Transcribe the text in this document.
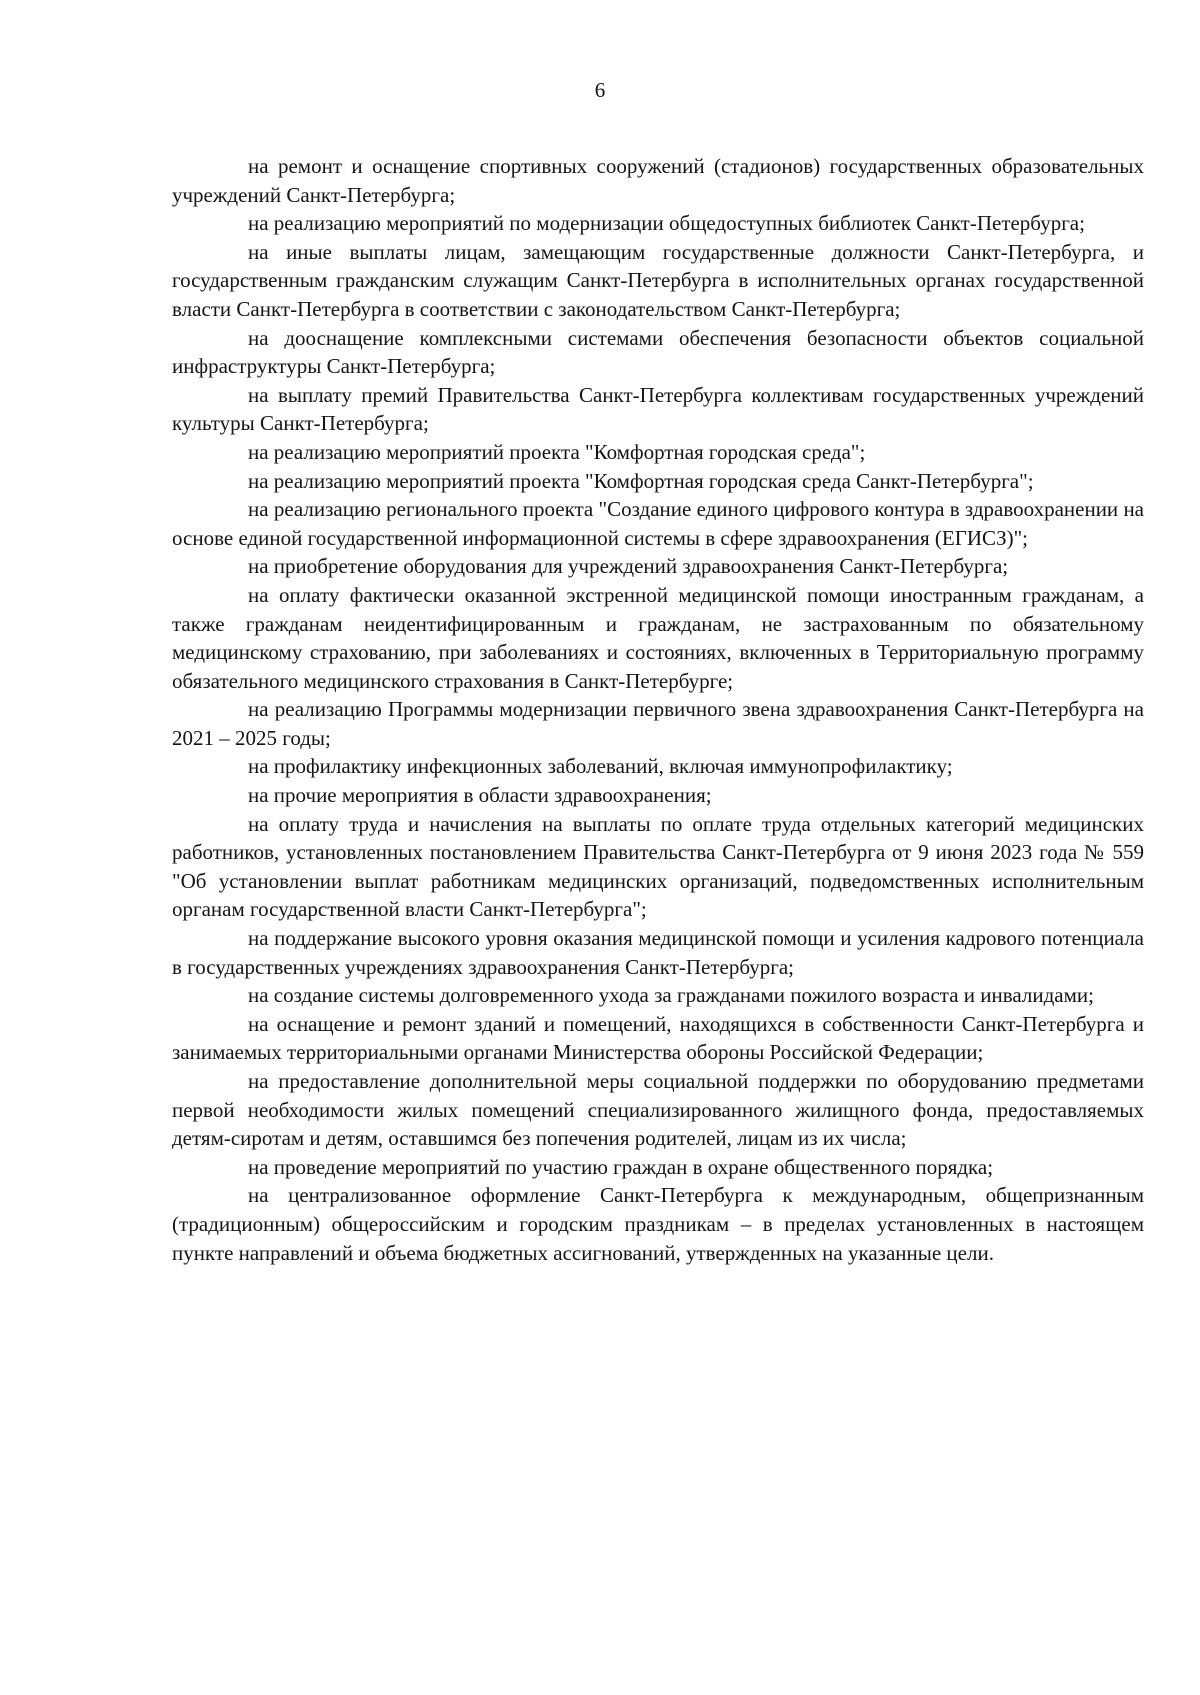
6

на ремонт и оснащение спортивных сооружений (стадионов) государственных образовательных учреждений Санкт-Петербурга;

на реализацию мероприятий по модернизации общедоступных библиотек Санкт-Петербурга;

на иные выплаты лицам, замещающим государственные должности Санкт-Петербурга, и государственным гражданским служащим Санкт-Петербурга в исполнительных органах государственной власти Санкт-Петербурга в соответствии с законодательством Санкт-Петербурга;

на дооснащение комплексными системами обеспечения безопасности объектов социальной инфраструктуры Санкт-Петербурга;

на выплату премий Правительства Санкт-Петербурга коллективам государственных учреждений культуры Санкт-Петербурга;

на реализацию мероприятий проекта "Комфортная городская среда";

на реализацию мероприятий проекта "Комфортная городская среда Санкт-Петербурга";

на реализацию регионального проекта "Создание единого цифрового контура в здравоохранении на основе единой государственной информационной системы в сфере здравоохранения (ЕГИСЗ)";

на приобретение оборудования для учреждений здравоохранения Санкт-Петербурга;

на оплату фактически оказанной экстренной медицинской помощи иностранным гражданам, а также гражданам неидентифицированным и гражданам, не застрахованным по обязательному медицинскому страхованию, при заболеваниях и состояниях, включенных в Территориальную программу обязательного медицинского страхования в Санкт-Петербурге;

на реализацию Программы модернизации первичного звена здравоохранения Санкт-Петербурга на 2021 – 2025 годы;

на профилактику инфекционных заболеваний, включая иммунопрофилактику;

на прочие мероприятия в области здравоохранения;

на оплату труда и начисления на выплаты по оплате труда отдельных категорий медицинских работников, установленных постановлением Правительства Санкт-Петербурга от 9 июня 2023 года № 559 "Об установлении выплат работникам медицинских организаций, подведомственных исполнительным органам государственной власти Санкт-Петербурга";

на поддержание высокого уровня оказания медицинской помощи и усиления кадрового потенциала в государственных учреждениях здравоохранения Санкт-Петербурга;

на создание системы долговременного ухода за гражданами пожилого возраста и инвалидами;

на оснащение и ремонт зданий и помещений, находящихся в собственности Санкт-Петербурга и занимаемых территориальными органами Министерства обороны Российской Федерации;

на предоставление дополнительной меры социальной поддержки по оборудованию предметами первой необходимости жилых помещений специализированного жилищного фонда, предоставляемых детям-сиротам и детям, оставшимся без попечения родителей, лицам из их числа;

на проведение мероприятий по участию граждан в охране общественного порядка;

на централизованное оформление Санкт-Петербурга к международным, общепризнанным (традиционным) общероссийским и городским праздникам – в пределах установленных в настоящем пункте направлений и объема бюджетных ассигнований, утвержденных на указанные цели.
